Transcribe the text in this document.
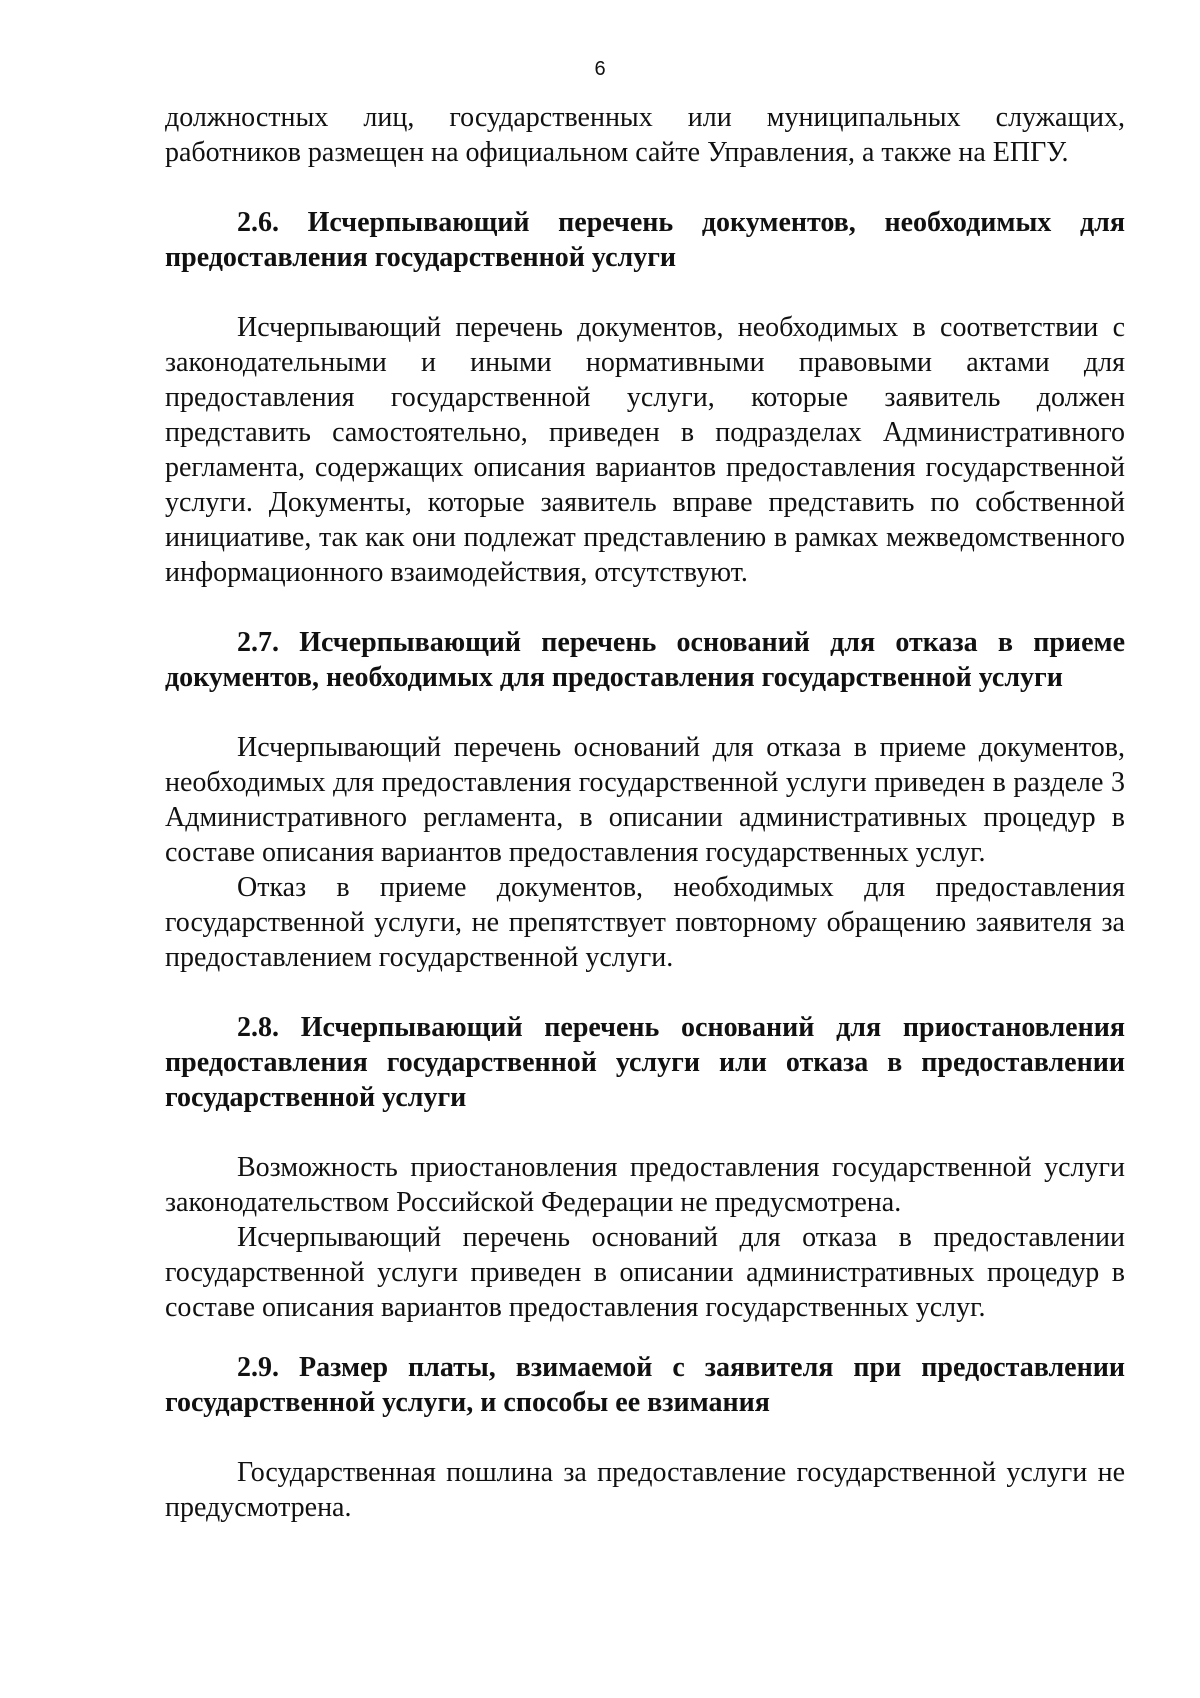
6

должностных лиц, государственных или муниципальных служащих, работников размещен на официальном сайте Управления, а также на ЕПГУ.

2.6. Исчерпывающий перечень документов, необходимых для предоставления государственной услуги

Исчерпывающий перечень документов, необходимых в соответствии с законодательными и иными нормативными правовыми актами для предоставления государственной услуги, которые заявитель должен представить самостоятельно, приведен в подразделах Административного регламента, содержащих описания вариантов предоставления государственной услуги. Документы, которые заявитель вправе представить по собственной инициативе, так как они подлежат представлению в рамках межведомственного информационного взаимодействия, отсутствуют.

2.7. Исчерпывающий перечень оснований для отказа в приеме документов, необходимых для предоставления государственной услуги

Исчерпывающий перечень оснований для отказа в приеме документов, необходимых для предоставления государственной услуги приведен в разделе 3 Административного регламента, в описании административных процедур в составе описания вариантов предоставления государственных услуг.

Отказ в приеме документов, необходимых для предоставления государственной услуги, не препятствует повторному обращению заявителя за предоставлением государственной услуги.

2.8. Исчерпывающий перечень оснований для приостановления предоставления государственной услуги или отказа в предоставлении государственной услуги

Возможность приостановления предоставления государственной услуги законодательством Российской Федерации не предусмотрена.

Исчерпывающий перечень оснований для отказа в предоставлении государственной услуги приведен в описании административных процедур в составе описания вариантов предоставления государственных услуг.

2.9. Размер платы, взимаемой с заявителя при предоставлении государственной услуги, и способы ее взимания

Государственная пошлина за предоставление государственной услуги не предусмотрена.
